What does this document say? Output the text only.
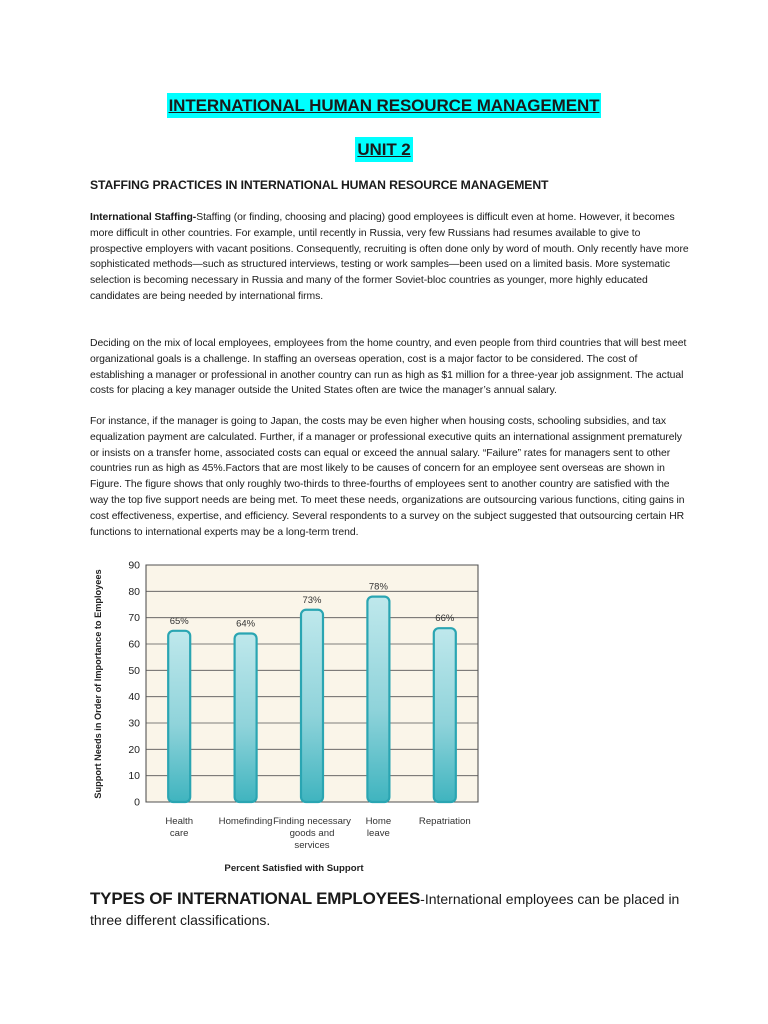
INTERNATIONAL HUMAN RESOURCE MANAGEMENT
UNIT 2
STAFFING PRACTICES IN INTERNATIONAL HUMAN RESOURCE MANAGEMENT
International Staffing-Staffing (or finding, choosing and placing) good employees is difficult even at home. However, it becomes more difficult in other countries. For example, until recently in Russia, very few Russians had resumes available to give to prospective employers with vacant positions. Consequently, recruiting is often done only by word of mouth. Only recently have more sophisticated methods—such as structured interviews, testing or work samples—been used on a limited basis. More systematic selection is becoming necessary in Russia and many of the former Soviet-bloc countries as younger, more highly educated candidates are being needed by international firms.
Deciding on the mix of local employees, employees from the home country, and even people from third countries that will best meet organizational goals is a challenge. In staffing an overseas operation, cost is a major factor to be considered. The cost of establishing a manager or professional in another country can run as high as $1 million for a three-year job assignment. The actual costs for placing a key manager outside the United States often are twice the manager’s annual salary.
For instance, if the manager is going to Japan, the costs may be even higher when housing costs, schooling subsidies, and tax equalization payment are calculated. Further, if a manager or professional executive quits an international assignment prematurely or insists on a transfer home, associated costs can equal or exceed the annual salary. “Failure” rates for managers sent to other countries run as high as 45%.Factors that are most likely to be causes of concern for an employee sent overseas are shown in Figure. The figure shows that only roughly two-thirds to three-fourths of employees sent to another country are satisfied with the way the top five support needs are being met. To meet these needs, organizations are outsourcing various functions, citing gains in cost effectiveness, expertise, and efficiency. Several respondents to a survey on the subject suggested that outsourcing certain HR functions to international experts may be a long-term trend.
0
10
20
30
40
50
60
70
80
90
65%	64%
73%
78%
66%
Health
care
Homefinding Finding necessary
goods and
services
Home
leave
Repatriation
Support Needs in Order of Importance to Employees
Percent Satisfied with Support
TYPES OF INTERNATIONAL EMPLOYEES-International employees can be placed in three different classifications.
